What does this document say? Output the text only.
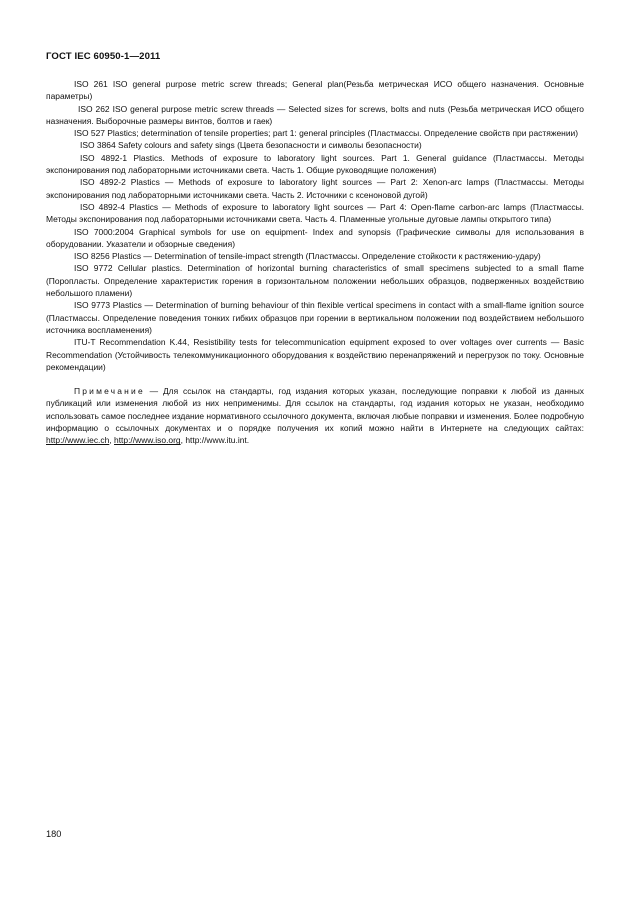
ГОСТ IEC 60950-1—2011

ISO 261 ISO general purpose metric screw threads; General plan(Резьба метрическая ИСО общего назначения. Основные параметры)

ISO 262 ISO general purpose metric screw threads — Selected sizes for screws, bolts and nuts (Резьба метрическая ИСО общего назначения. Выборочные размеры винтов, болтов и гаек)

ISO 527 Plastics; determination of tensile properties; part 1: general principles (Пластмассы. Определение свойств при растяжении)

ISO 3864 Safety colours and safety sings (Цвета безопасности и символы безопасности)

ISO 4892-1 Plastics. Methods of exposure to laboratory light sources. Part 1. General guidance (Пластмассы. Методы экспонирования под лабораторными источниками света. Часть 1. Общие руководящие положения)

ISO 4892-2 Plastics — Methods of exposure to laboratory light sources — Part 2: Xenon-arc lamps (Пластмассы. Методы экспонирования под лабораторными источниками света. Часть 2. Источники с ксеноновой дугой)

ISO 4892-4 Plastics — Methods of exposure to laboratory light sources — Part 4: Open-flame carbon-arc lamps (Пластмассы. Методы экспонирования под лабораторными источниками света. Часть 4. Пламенные угольные дуговые лампы открытого типа)

ISO 7000:2004 Graphical symbols for use on equipment- Index and synopsis (Графические символы для использования в оборудовании. Указатели и обзорные сведения)

ISO 8256 Plastics — Determination of tensile-impact strength (Пластмассы. Определение стойкости к растяжению-удару)

ISO 9772 Cellular plastics. Determination of horizontal burning characteristics of small specimens subjected to a small flame (Поропласты. Определение характеристик горения в горизонтальном положении небольших образцов, подверженных воздействию небольшого пламени)

ISO 9773 Plastics — Determination of burning behaviour of thin flexible vertical specimens in contact with a small-flame ignition source (Пластмассы. Определение поведения тонких гибких образцов при горении в вертикальном положении под воздействием небольшого источника воспламенения)

ITU-T Recommendation K.44, Resistibility tests for telecommunication equipment exposed to over voltages over currents — Basic Recommendation (Устойчивость телекоммуникационного оборудования к воздействию перенапряжений и перегрузок по току. Основные рекомендации)

Примечание — Для ссылок на стандарты, год издания которых указан, последующие поправки к любой из данных публикаций или изменения любой из них неприменимы. Для ссылок на стандарты, год издания которых не указан, необходимо использовать самое последнее издание нормативного ссылочного документа, включая любые поправки и изменения. Более подробную информацию о ссылочных документах и о порядке получения их копий можно найти в Интернете на следующих сайтах: http://www.iec.ch, http://www.iso.org, http://www.itu.int.

180
